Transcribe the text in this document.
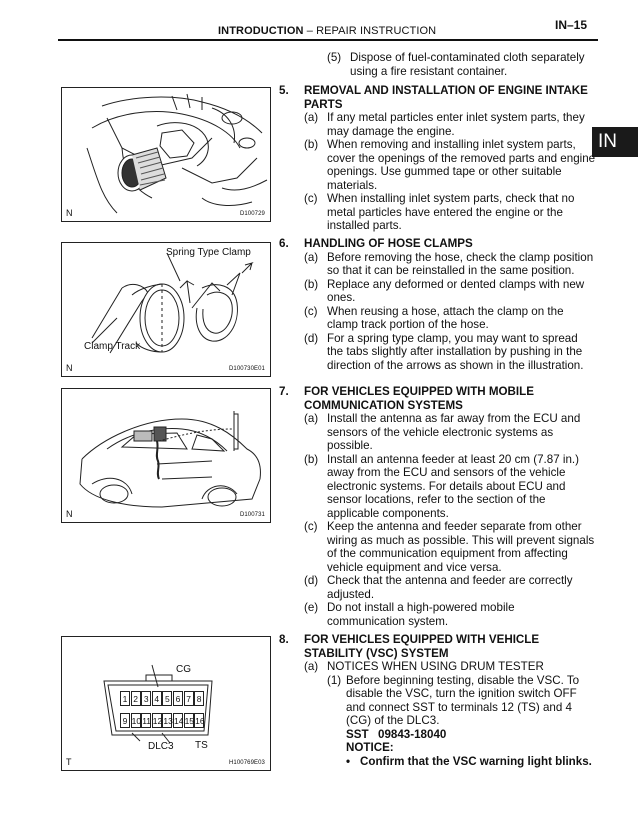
INTRODUCTION – REPAIR INSTRUCTION	IN–15
IN
N	D100729
Spring Type Clamp
Clamp Track
N	D100730E01
N	D100731
1 2 3 4 5 6 7 8
9 10 11 12 13 14 15 16
CG
DLC3 TS
T	H100769E03
(5) Dispose of fuel-contaminated cloth separately
using a fire resistant container.
5. REMOVAL AND INSTALLATION OF ENGINE INTAKE
PARTS
(a) If any metal particles enter inlet system parts, they
may damage the engine.
(b) When removing and installing inlet system parts,
cover the openings of the removed parts and engine
openings. Use gummed tape or other suitable
materials.
(c) When installing inlet system parts, check that no
metal particles have entered the engine or the
installed parts.
6. HANDLING OF HOSE CLAMPS
(a) Before removing the hose, check the clamp position
so that it can be reinstalled in the same position.
(b) Replace any deformed or dented clamps with new
ones.
(c) When reusing a hose, attach the clamp on the
clamp track portion of the hose.
(d) For a spring type clamp, you may want to spread
the tabs slightly after installation by pushing in the
direction of the arrows as shown in the illustration.
7. FOR VEHICLES EQUIPPED WITH MOBILE
COMMUNICATION SYSTEMS
(a) Install the antenna as far away from the ECU and
sensors of the vehicle electronic systems as
possible.
(b) Install an antenna feeder at least 20 cm (7.87 in.)
away from the ECU and sensors of the vehicle
electronic systems. For details about ECU and
sensor locations, refer to the section of the
applicable components.
(c) Keep the antenna and feeder separate from other
wiring as much as possible. This will prevent signals
of the communication equipment from affecting
vehicle equipment and vice versa.
(d) Check that the antenna and feeder are correctly
adjusted.
(e) Do not install a high-powered mobile
communication system.
8. FOR VEHICLES EQUIPPED WITH VEHICLE
STABILITY (VSC) SYSTEM
(a) NOTICES WHEN USING DRUM TESTER
(1) Before beginning testing, disable the VSC. To
disable the VSC, turn the ignition switch OFF
and connect SST to terminals 12 (TS) and 4
(CG) of the DLC3.
SST 09843-18040
NOTICE:
• Confirm that the VSC warning light blinks.
